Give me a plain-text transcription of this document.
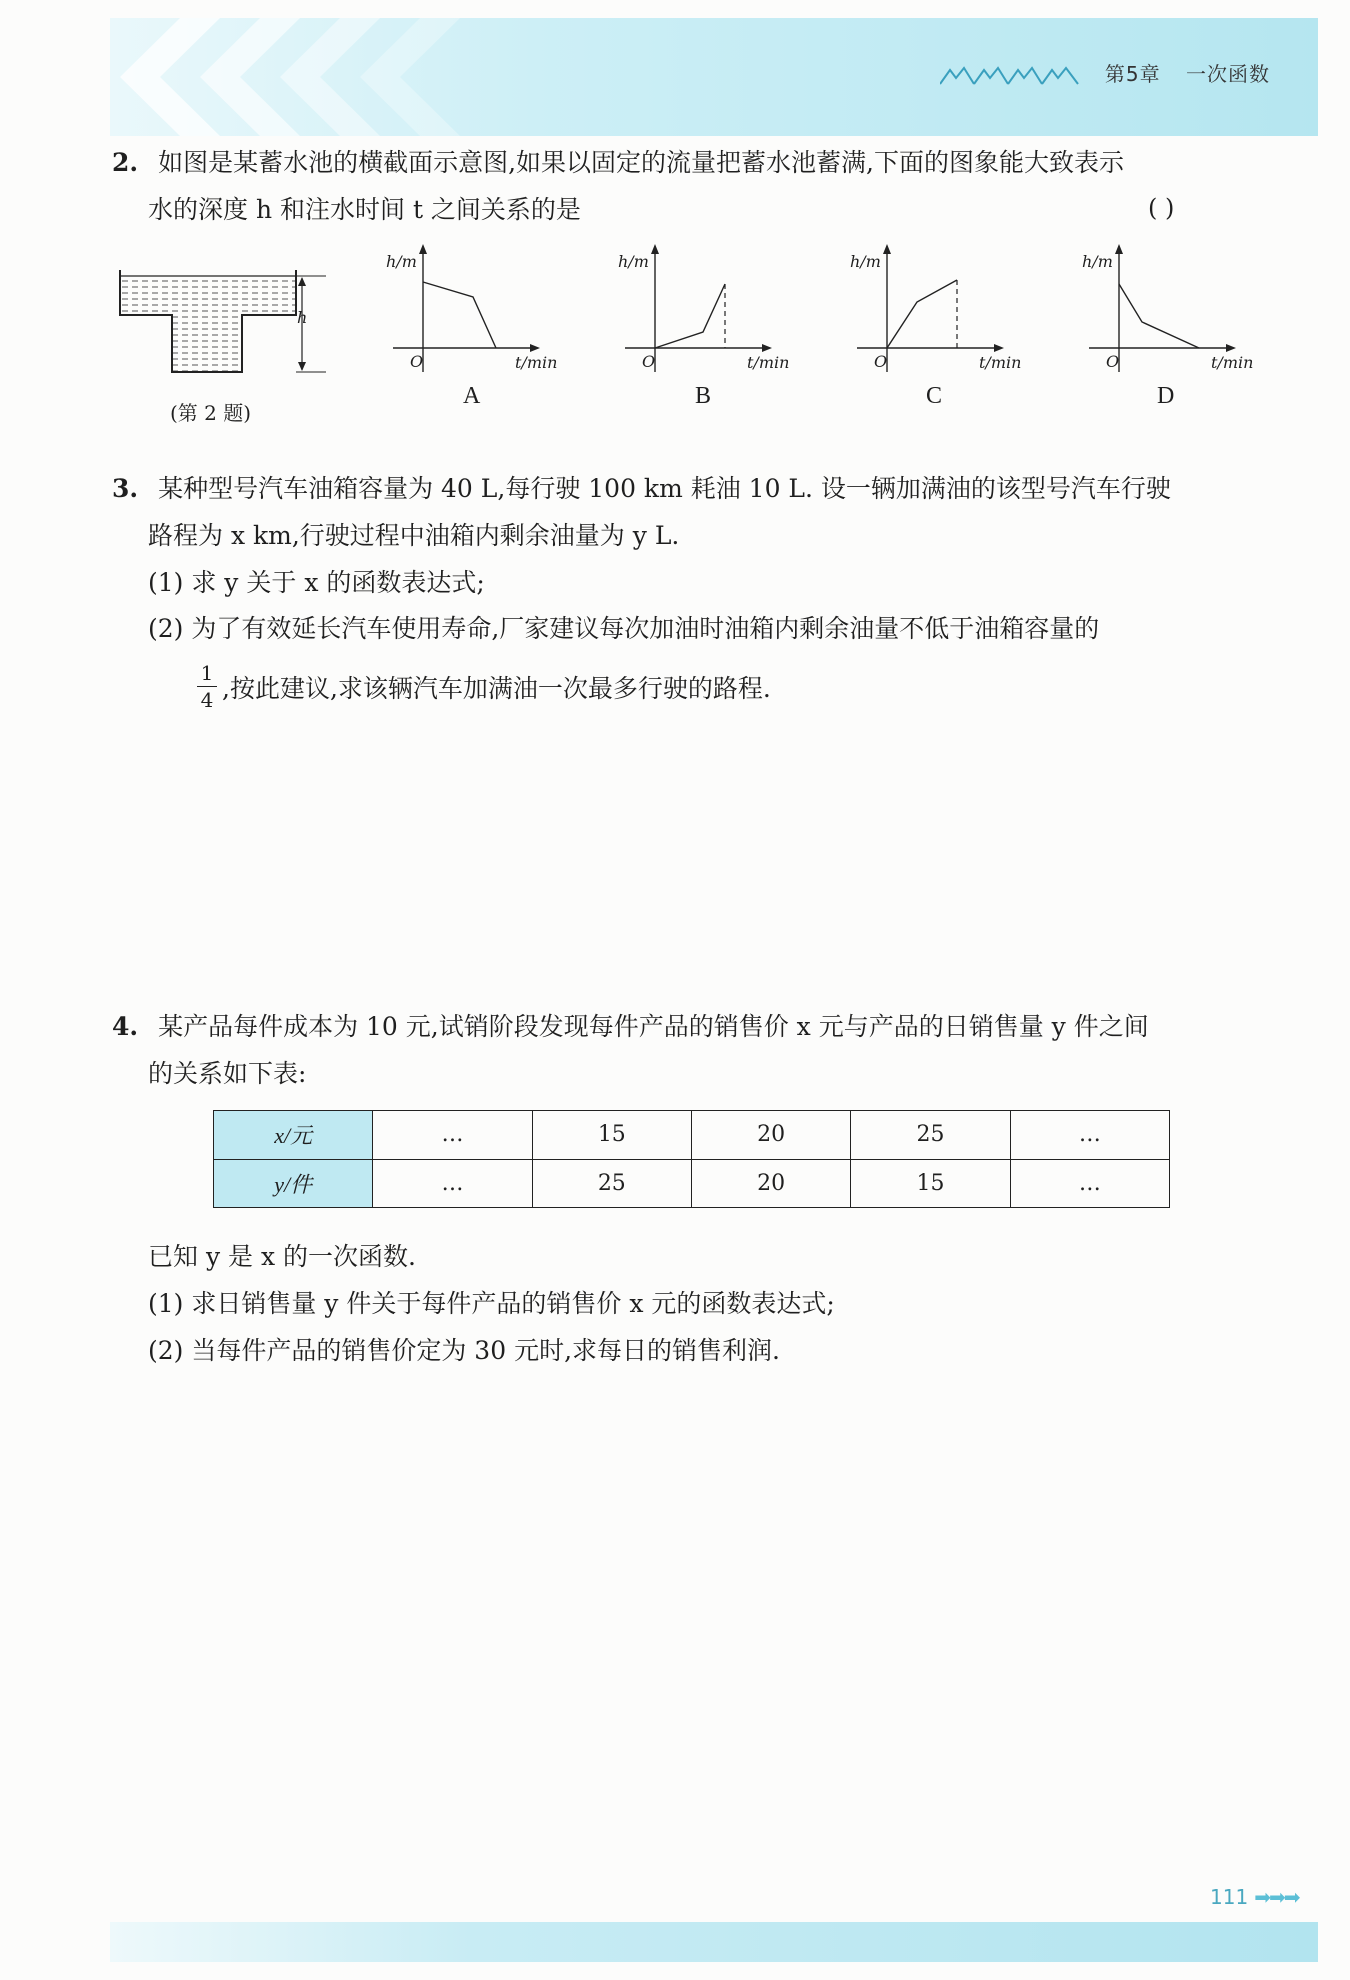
第5章 一次函数
2. 如图是某蓄水池的横截面示意图,如果以固定的流量把蓄水池蓄满,下面的图象能大致表示
水的深度 h 和注水时间 t 之间关系的是	( )
h
(第 2 题)
h/m
t/min
O
h/m
t/min
O
h/m
t/min
O
h/m
t/min
O
A	B	C	D
3. 某种型号汽车油箱容量为 40 L,每行驶 100 km 耗油 10 L. 设一辆加满油的该型号汽车行驶
路程为 x km,行驶过程中油箱内剩余油量为 y L.
(1) 求 y 关于 x 的函数表达式;
(2) 为了有效延长汽车使用寿命,厂家建议每次加油时油箱内剩余油量不低于油箱容量的
1
4 ,按此建议,求该辆汽车加满油一次最多行驶的路程.
4. 某产品每件成本为 10 元,试销阶段发现每件产品的销售价 x 元与产品的日销售量 y 件之间
的关系如下表:
x/元	…	15	20	25	…
y/件	…	25	20	15	…
已知 y 是 x 的一次函数.
(1) 求日销售量 y 件关于每件产品的销售价 x 元的函数表达式;
(2) 当每件产品的销售价定为 30 元时,求每日的销售利润.
111 ➡➡➡
